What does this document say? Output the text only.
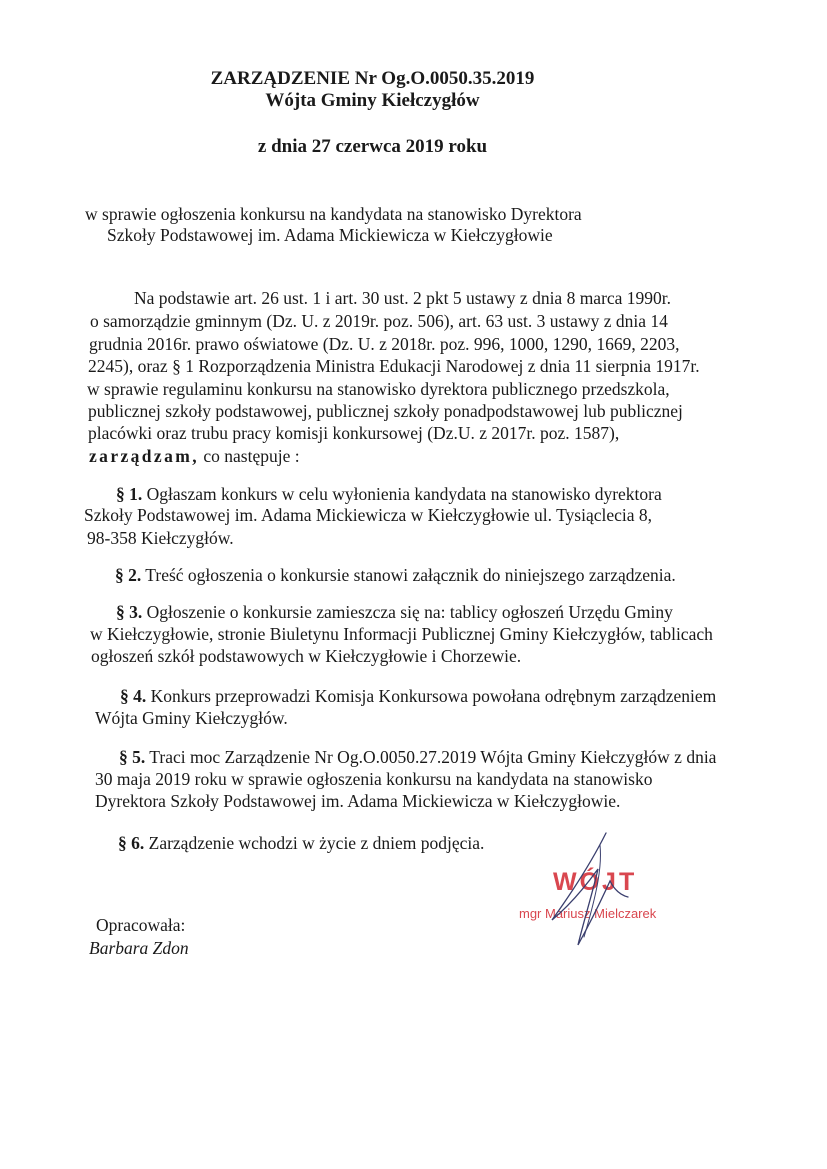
ZARZĄDZENIE Nr Og.O.0050.35.2019
Wójta Gminy Kiełczygłów
z dnia 27 czerwca 2019 roku
w sprawie ogłoszenia konkursu na kandydata na stanowisko Dyrektora
Szkoły Podstawowej im. Adama Mickiewicza w Kiełczygłowie
Na podstawie art. 26 ust. 1 i art. 30 ust. 2 pkt 5 ustawy z dnia 8 marca 1990r.
o samorządzie gminnym (Dz. U. z 2019r. poz. 506), art. 63 ust. 3 ustawy z dnia 14
grudnia 2016r. prawo oświatowe (Dz. U. z 2018r. poz. 996, 1000, 1290, 1669, 2203,
2245), oraz § 1 Rozporządzenia Ministra Edukacji Narodowej z dnia 11 sierpnia 1917r.
w sprawie regulaminu konkursu na stanowisko dyrektora publicznego przedszkola,
publicznej szkoły podstawowej, publicznej szkoły ponadpodstawowej lub publicznej
placówki oraz trubu pracy komisji konkursowej (Dz.U. z 2017r. poz. 1587),
zarządzam, co następuje :
§ 1. Ogłaszam konkurs w celu wyłonienia kandydata na stanowisko dyrektora
Szkoły Podstawowej im. Adama Mickiewicza w Kiełczygłowie ul. Tysiąclecia 8,
98-358 Kiełczygłów.
§ 2. Treść ogłoszenia o konkursie stanowi załącznik do niniejszego zarządzenia.
§ 3. Ogłoszenie o konkursie zamieszcza się na: tablicy ogłoszeń Urzędu Gminy
w Kiełczygłowie, stronie Biuletynu Informacji Publicznej Gminy Kiełczygłów, tablicach
ogłoszeń szkół podstawowych w Kiełczygłowie i Chorzewie.
§ 4. Konkurs przeprowadzi Komisja Konkursowa powołana odrębnym zarządzeniem
Wójta Gminy Kiełczygłów.
§ 5. Traci moc Zarządzenie Nr Og.O.0050.27.2019 Wójta Gminy Kiełczygłów z dnia
30 maja 2019 roku w sprawie ogłoszenia konkursu na kandydata na stanowisko
Dyrektora Szkoły Podstawowej im. Adama Mickiewicza w Kiełczygłowie.
§ 6. Zarządzenie wchodzi w życie z dniem podjęcia.
WÓJT
mgr Mariusz Mielczarek
Opracowała:
Barbara Zdon
